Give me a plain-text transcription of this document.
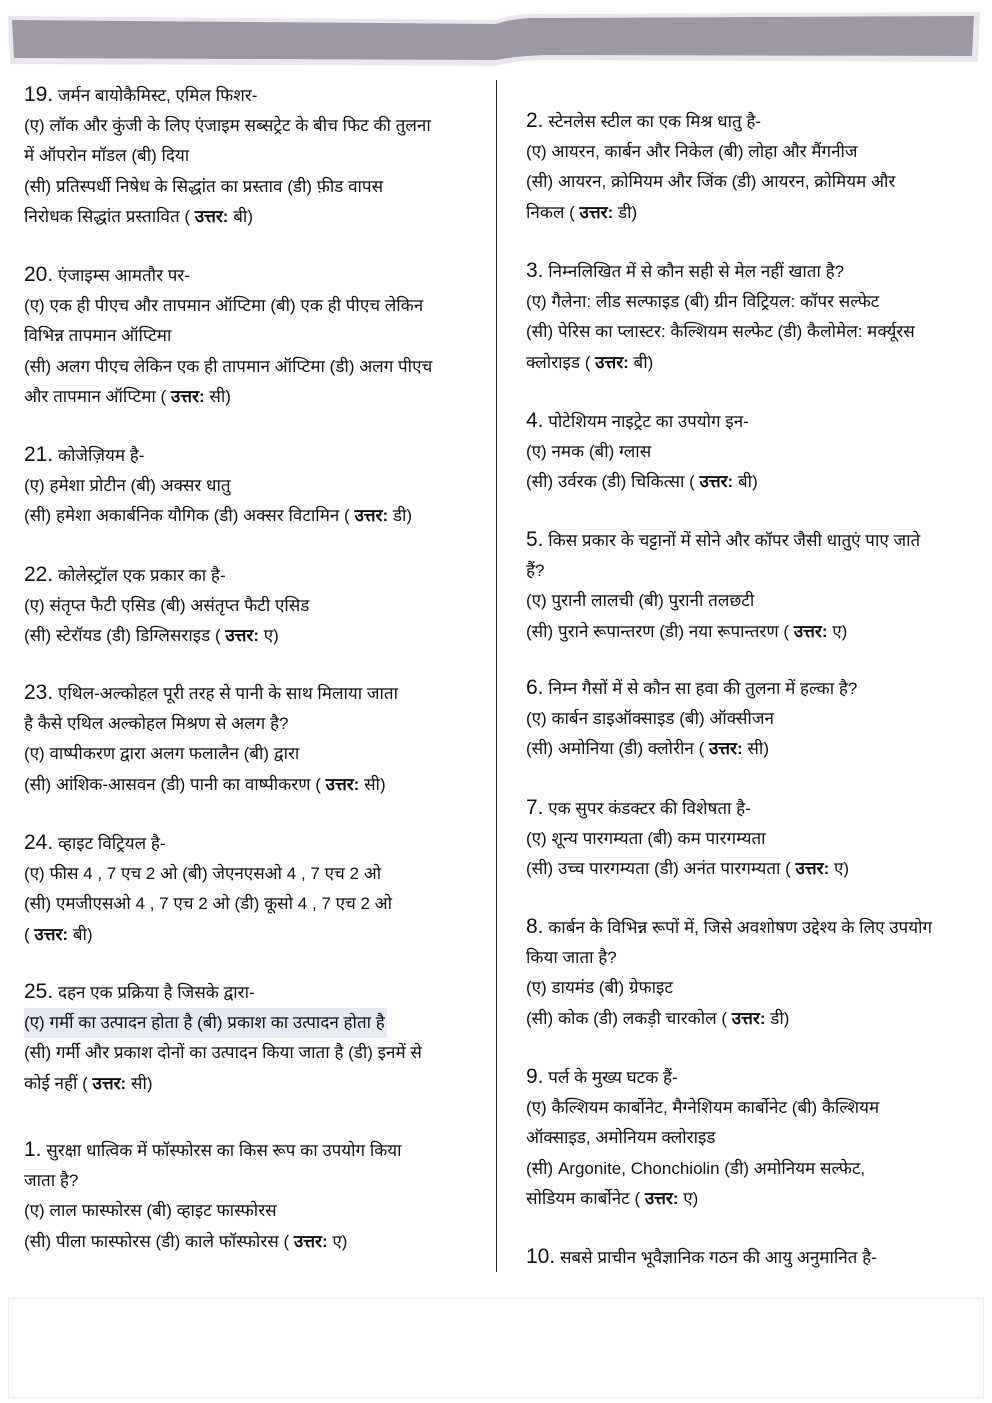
19. जर्मन बायोकैमिस्ट, एमिल फिशर-
(ए) लॉक और कुंजी के लिए एंजाइम सब्सट्रेट के बीच फिट की तुलना
में ऑपरोन मॉडल (बी) दिया
(सी) प्रतिस्पर्धी निषेध के सिद्धांत का प्रस्ताव (डी) फ़ीड वापस
निरोधक सिद्धांत प्रस्तावित ( उत्तर: बी)
20. एंजाइम्स आमतौर पर-
(ए) एक ही पीएच और तापमान ऑप्टिमा (बी) एक ही पीएच लेकिन
विभिन्न तापमान ऑप्टिमा
(सी) अलग पीएच लेकिन एक ही तापमान ऑप्टिमा (डी) अलग पीएच
और तापमान ऑप्टिमा ( उत्तर: सी)
21. कोजेज़ियम है-
(ए) हमेशा प्रोटीन (बी) अक्सर धातु
(सी) हमेशा अकार्बनिक यौगिक (डी) अक्सर विटामिन ( उत्तर: डी)
22. कोलेस्ट्रॉल एक प्रकार का है-
(ए) संतृप्त फैटी एसिड (बी) असंतृप्त फैटी एसिड
(सी) स्टेरॉयड (डी) डिग्लिसराइड ( उत्तर: ए)
23. एथिल-अल्कोहल पूरी तरह से पानी के साथ मिलाया जाता
है कैसे एथिल अल्कोहल मिश्रण से अलग है?
(ए) वाष्पीकरण द्वारा अलग फलालैन (बी) द्वारा
(सी) आंशिक-आसवन (डी) पानी का वाष्पीकरण ( उत्तर: सी)
24. व्हाइट विट्रियल है-
(ए) फीस 4 , 7 एच 2 ओ (बी) जेएनएसओ 4 , 7 एच 2 ओ
(सी) एमजीएसओ 4 , 7 एच 2 ओ (डी) कूसो 4 , 7 एच 2 ओ
( उत्तर: बी)
25. दहन एक प्रक्रिया है जिसके द्वारा-
(ए) गर्मी का उत्पादन होता है (बी) प्रकाश का उत्पादन होता है
(सी) गर्मी और प्रकाश दोनों का उत्पादन किया जाता है (डी) इनमें से
कोई नहीं ( उत्तर: सी)
1. सुरक्षा धात्विक में फॉस्फोरस का किस रूप का उपयोग किया
जाता है?
(ए) लाल फास्फोरस (बी) व्हाइट फास्फोरस
(सी) पीला फास्फोरस (डी) काले फॉस्फोरस ( उत्तर: ए)
2. स्टेनलेस स्टील का एक मिश्र धातु है-
(ए) आयरन, कार्बन और निकेल (बी) लोहा और मैंगनीज
(सी) आयरन, क्रोमियम और जिंक (डी) आयरन, क्रोमियम और
निकल ( उत्तर: डी)
3. निम्नलिखित में से कौन सही से मेल नहीं खाता है?
(ए) गैलेना: लीड सल्फाइड (बी) ग्रीन विट्रियल: कॉपर सल्फेट
(सी) पेरिस का प्लास्टर: कैल्शियम सल्फेट (डी) कैलोमेल: मर्क्यूरस
क्लोराइड ( उत्तर: बी)
4. पोटेशियम नाइट्रेट का उपयोग इन-
(ए) नमक (बी) ग्लास
(सी) उर्वरक (डी) चिकित्सा ( उत्तर: बी)
5. किस प्रकार के चट्टानों में सोने और कॉपर जैसी धातुएं पाए जाते
हैं?
(ए) पुरानी लालची (बी) पुरानी तलछटी
(सी) पुराने रूपान्तरण (डी) नया रूपान्तरण ( उत्तर: ए)
6. निम्न गैसों में से कौन सा हवा की तुलना में हल्का है?
(ए) कार्बन डाइऑक्साइड (बी) ऑक्सीजन
(सी) अमोनिया (डी) क्लोरीन ( उत्तर: सी)
7. एक सुपर कंडक्टर की विशेषता है-
(ए) शून्य पारगम्यता (बी) कम पारगम्यता
(सी) उच्च पारगम्यता (डी) अनंत पारगम्यता ( उत्तर: ए)
8. कार्बन के विभिन्न रूपों में, जिसे अवशोषण उद्देश्य के लिए उपयोग
किया जाता है?
(ए) डायमंड (बी) ग्रेफाइट
(सी) कोक (डी) लकड़ी चारकोल ( उत्तर: डी)
9. पर्ल के मुख्य घटक हैं-
(ए) कैल्शियम कार्बोनेट, मैग्नेशियम कार्बोनेट (बी) कैल्शियम
ऑक्साइड, अमोनियम क्लोराइड
(सी) Argonite, Chonchiolin (डी) अमोनियम सल्फेट,
सोडियम कार्बोनेट ( उत्तर: ए)
10. सबसे प्राचीन भूवैज्ञानिक गठन की आयु अनुमानित है-
